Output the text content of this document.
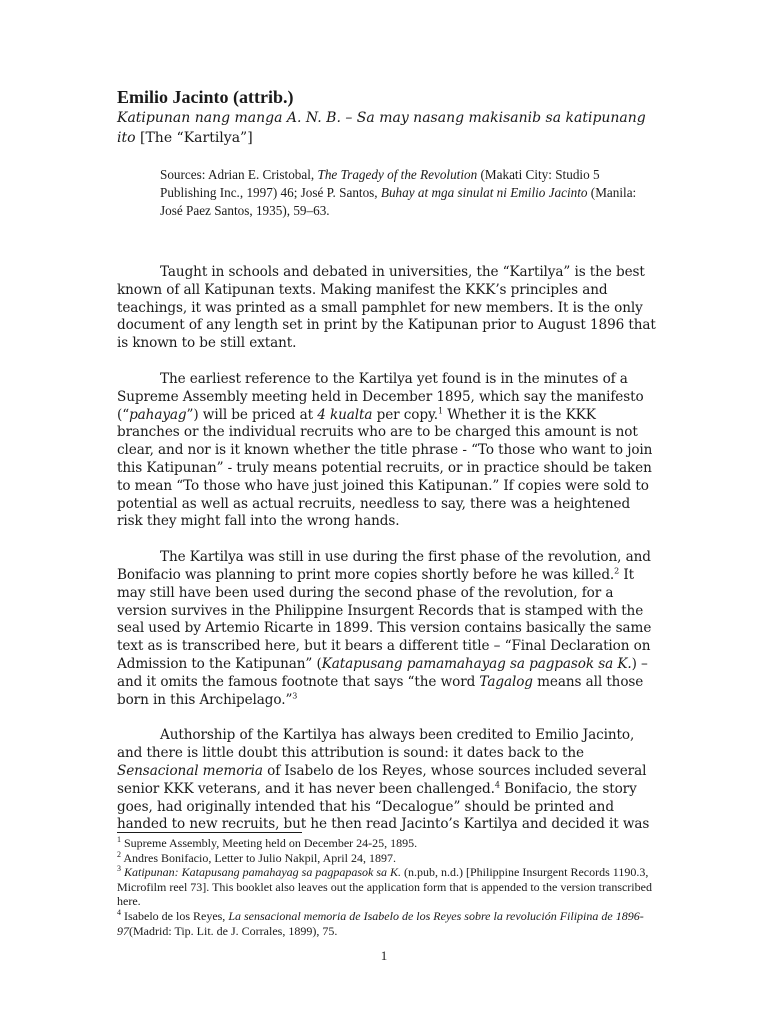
Emilio Jacinto (attrib.)

Katipunan nang manga A. N. B. – Sa may nasang makisanib sa katipunang ito [The “Kartilya”]

Sources: Adrian E. Cristobal, The Tragedy of the Revolution (Makati City: Studio 5 Publishing Inc., 1997) 46; José P. Santos, Buhay at mga sinulat ni Emilio Jacinto (Manila: José Paez Santos, 1935), 59–63.

Taught in schools and debated in universities, the “Kartilya” is the best known of all Katipunan texts. Making manifest the KKK’s principles and teachings, it was printed as a small pamphlet for new members. It is the only document of any length set in print by the Katipunan prior to August 1896 that is known to be still extant.

The earliest reference to the Kartilya yet found is in the minutes of a Supreme Assembly meeting held in December 1895, which say the manifesto (“pahayag”) will be priced at 4 kualta per copy.$^1$ Whether it is the KKK branches or the individual recruits who are to be charged this amount is not clear, and nor is it known whether the title phrase - “To those who want to join this Katipunan” - truly means potential recruits, or in practice should be taken to mean “To those who have just joined this Katipunan.” If copies were sold to potential as well as actual recruits, needless to say, there was a heightened risk they might fall into the wrong hands.

The Kartilya was still in use during the first phase of the revolution, and Bonifacio was planning to print more copies shortly before he was killed.$^2$ It may still have been used during the second phase of the revolution, for a version survives in the Philippine Insurgent Records that is stamped with the seal used by Artemio Ricarte in 1899. This version contains basically the same text as is transcribed here, but it bears a different title – “Final Declaration on Admission to the Katipunan” (Katapusang pamamahayag sa pagpasok sa K.) – and it omits the famous footnote that says “the word Tagalog means all those born in this Archipelago.”$^3$

Authorship of the Kartilya has always been credited to Emilio Jacinto, and there is little doubt this attribution is sound: it dates back to the Sensacional memoria of Isabelo de los Reyes, whose sources included several senior KKK veterans, and it has never been challenged.$^4$ Bonifacio, the story goes, had originally intended that his “Decalogue” should be printed and handed to new recruits, but he then read Jacinto’s Kartilya and decided it was

$^1$ Supreme Assembly, Meeting held on December 24-25, 1895.

$^2$ Andres Bonifacio, Letter to Julio Nakpil, April 24, 1897.

$^3$ Katipunan: Katapusang pamahayag sa pagpapasok sa K. (n.pub, n.d.) [Philippine Insurgent Records 1190.3, Microfilm reel 73]. This booklet also leaves out the application form that is appended to the version transcribed here.

$^4$ Isabelo de los Reyes, La sensacional memoria de Isabelo de los Reyes sobre la revolución Filipina de 1896-97(Madrid: Tip. Lit. de J. Corrales, 1899), 75.

1
